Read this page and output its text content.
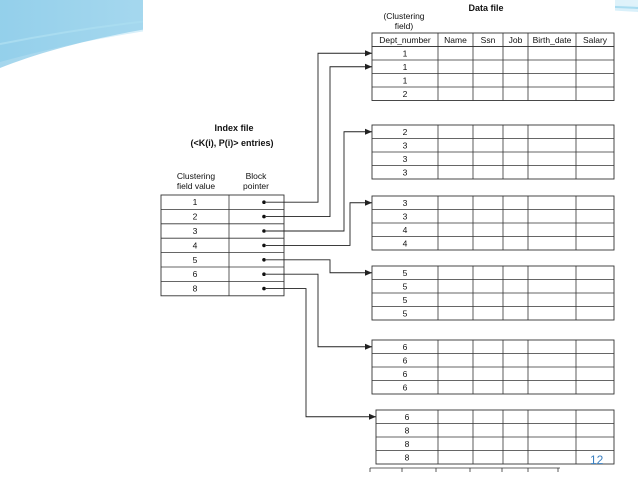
Index file
(<K(i), P(i)> entries)
Clustering
field value
Block
pointer
1
2
3
4
5
6
8
Data file
(Clustering
field)
Dept_number Name Ssn Job Birth_date Salary
1
1
1
2
2
3
3
3
3
3
4
4
5
5
5
5
6
6
6
6
6
8
8
8	12
